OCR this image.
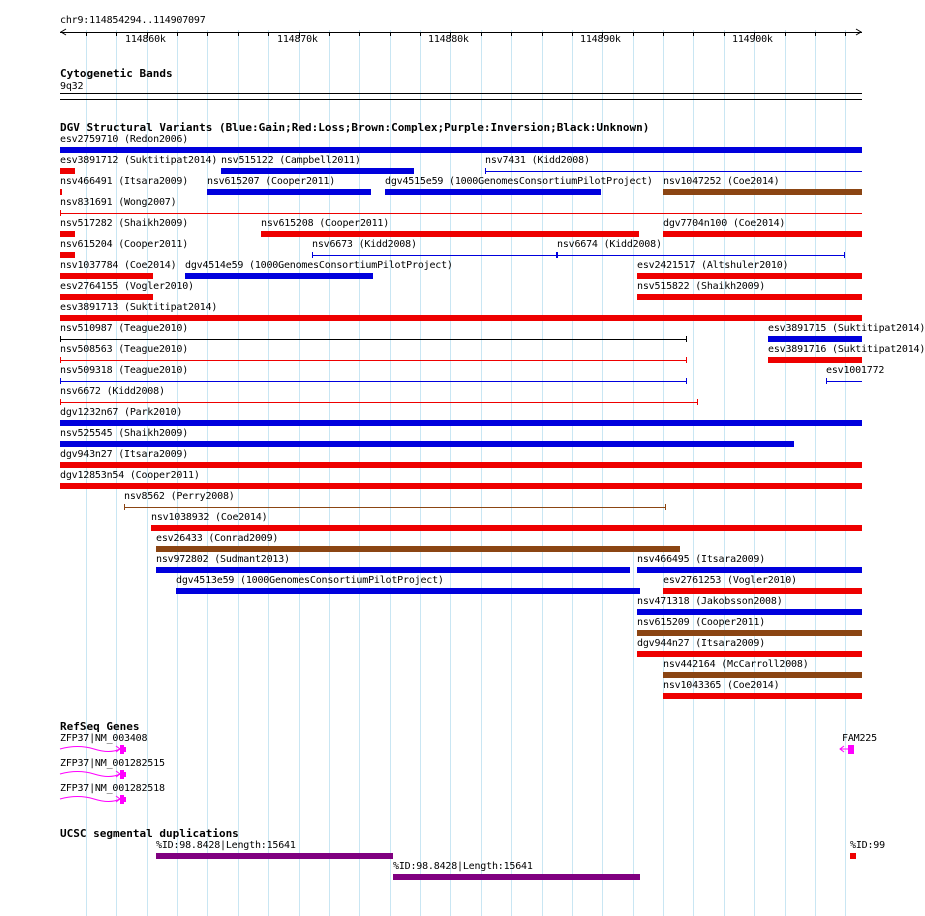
chr9:114854294..114907097
114860k	114870k	114880k	114890k	114900k
Cytogenetic Bands
9q32
DGV Structural Variants (Blue:Gain;Red:Loss;Brown:Complex;Purple:Inversion;Black:Unknown)
esv2759710 (Redon2006)
esv3891712 (Suktitipat2014) nsv515122 (Campbell2011)	nsv7431 (Kidd2008)
nsv466491 (Itsara2009) nsv615207 (Cooper2011)	dgv4515e59 (1000GenomesConsortiumPilotProject) nsv1047252 (Coe2014)
nsv831691 (Wong2007)
nsv517282 (Shaikh2009)	nsv615208 (Cooper2011)	dgv7704n100 (Coe2014)
nsv615204 (Cooper2011)	nsv6673 (Kidd2008)	nsv6674 (Kidd2008)
nsv1037784 (Coe2014) dgv4514e59 (1000GenomesConsortiumPilotProject)	esv2421517 (Altshuler2010)
esv2764155 (Vogler2010)	nsv515822 (Shaikh2009)
esv3891713 (Suktitipat2014)
nsv510987 (Teague2010)	esv3891715 (Suktitipat2014)
nsv508563 (Teague2010)	esv3891716 (Suktitipat2014)
nsv509318 (Teague2010)	esv1001772
nsv6672 (Kidd2008)
dgv1232n67 (Park2010)
nsv525545 (Shaikh2009)
dgv943n27 (Itsara2009)
dgv12853n54 (Cooper2011)
nsv8562 (Perry2008)
nsv1038932 (Coe2014)
esv26433 (Conrad2009)
nsv972802 (Sudmant2013)	nsv466495 (Itsara2009)
dgv4513e59 (1000GenomesConsortiumPilotProject)	esv2761253 (Vogler2010)
nsv471318 (Jakobsson2008)
nsv615209 (Cooper2011)
dgv944n27 (Itsara2009)
nsv442164 (McCarroll2008)
nsv1043365 (Coe2014)
RefSeq Genes
ZFP37|NM_003408
ZFP37|NM_001282515
ZFP37|NM_001282518
FAM225
UCSC segmental duplications
%ID:98.8428|Length:15641
%ID:98.8428|Length:15641
%ID:99
